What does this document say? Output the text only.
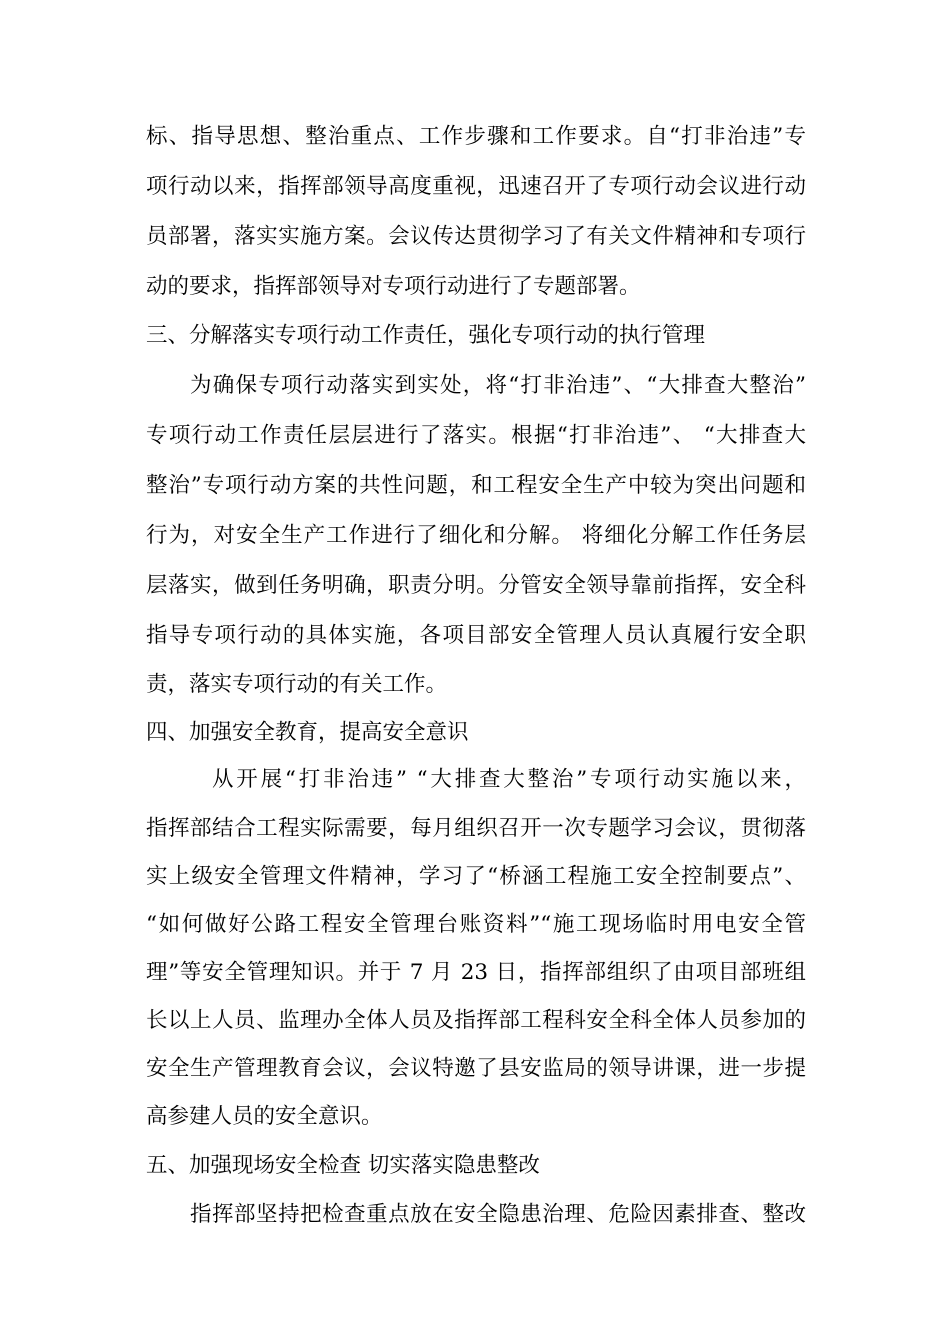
标、指导思想、整治重点、工作步骤和工作要求。自“打非治违”专
项行动以来，指挥部领导高度重视，迅速召开了专项行动会议进行动
员部署，落实实施方案。会议传达贯彻学习了有关文件精神和专项行
动的要求，指挥部领导对专项行动进行了专题部署。
三、分解落实专项行动工作责任，强化专项行动的执行管理
为确保专项行动落实到实处，将“打非治违”、“大排查大整治”
专项行动工作责任层层进行了落实。根据“打非治违”、 “大排查大
整治”专项行动方案的共性问题，和工程安全生产中较为突出问题和
行为，对安全生产工作进行了细化和分解。 将细化分解工作任务层
层落实，做到任务明确，职责分明。分管安全领导靠前指挥，安全科
指导专项行动的具体实施，各项目部安全管理人员认真履行安全职
责，落实专项行动的有关工作。
四、加强安全教育，提高安全意识
从开展“打非治违” “大排查大整治”专项行动实施以来，
指挥部结合工程实际需要，每月组织召开一次专题学习会议，贯彻落
实上级安全管理文件精神，学习了“桥涵工程施工安全控制要点”、
“如何做好公路工程安全管理台账资料”“施工现场临时用电安全管
理”等安全管理知识。并于 7 月 23 日，指挥部组织了由项目部班组
长以上人员、监理办全体人员及指挥部工程科安全科全体人员参加的
安全生产管理教育会议，会议特邀了县安监局的领导讲课，进一步提
高参建人员的安全意识。
五、加强现场安全检查 切实落实隐患整改
指挥部坚持把检查重点放在安全隐患治理、危险因素排查、整改
